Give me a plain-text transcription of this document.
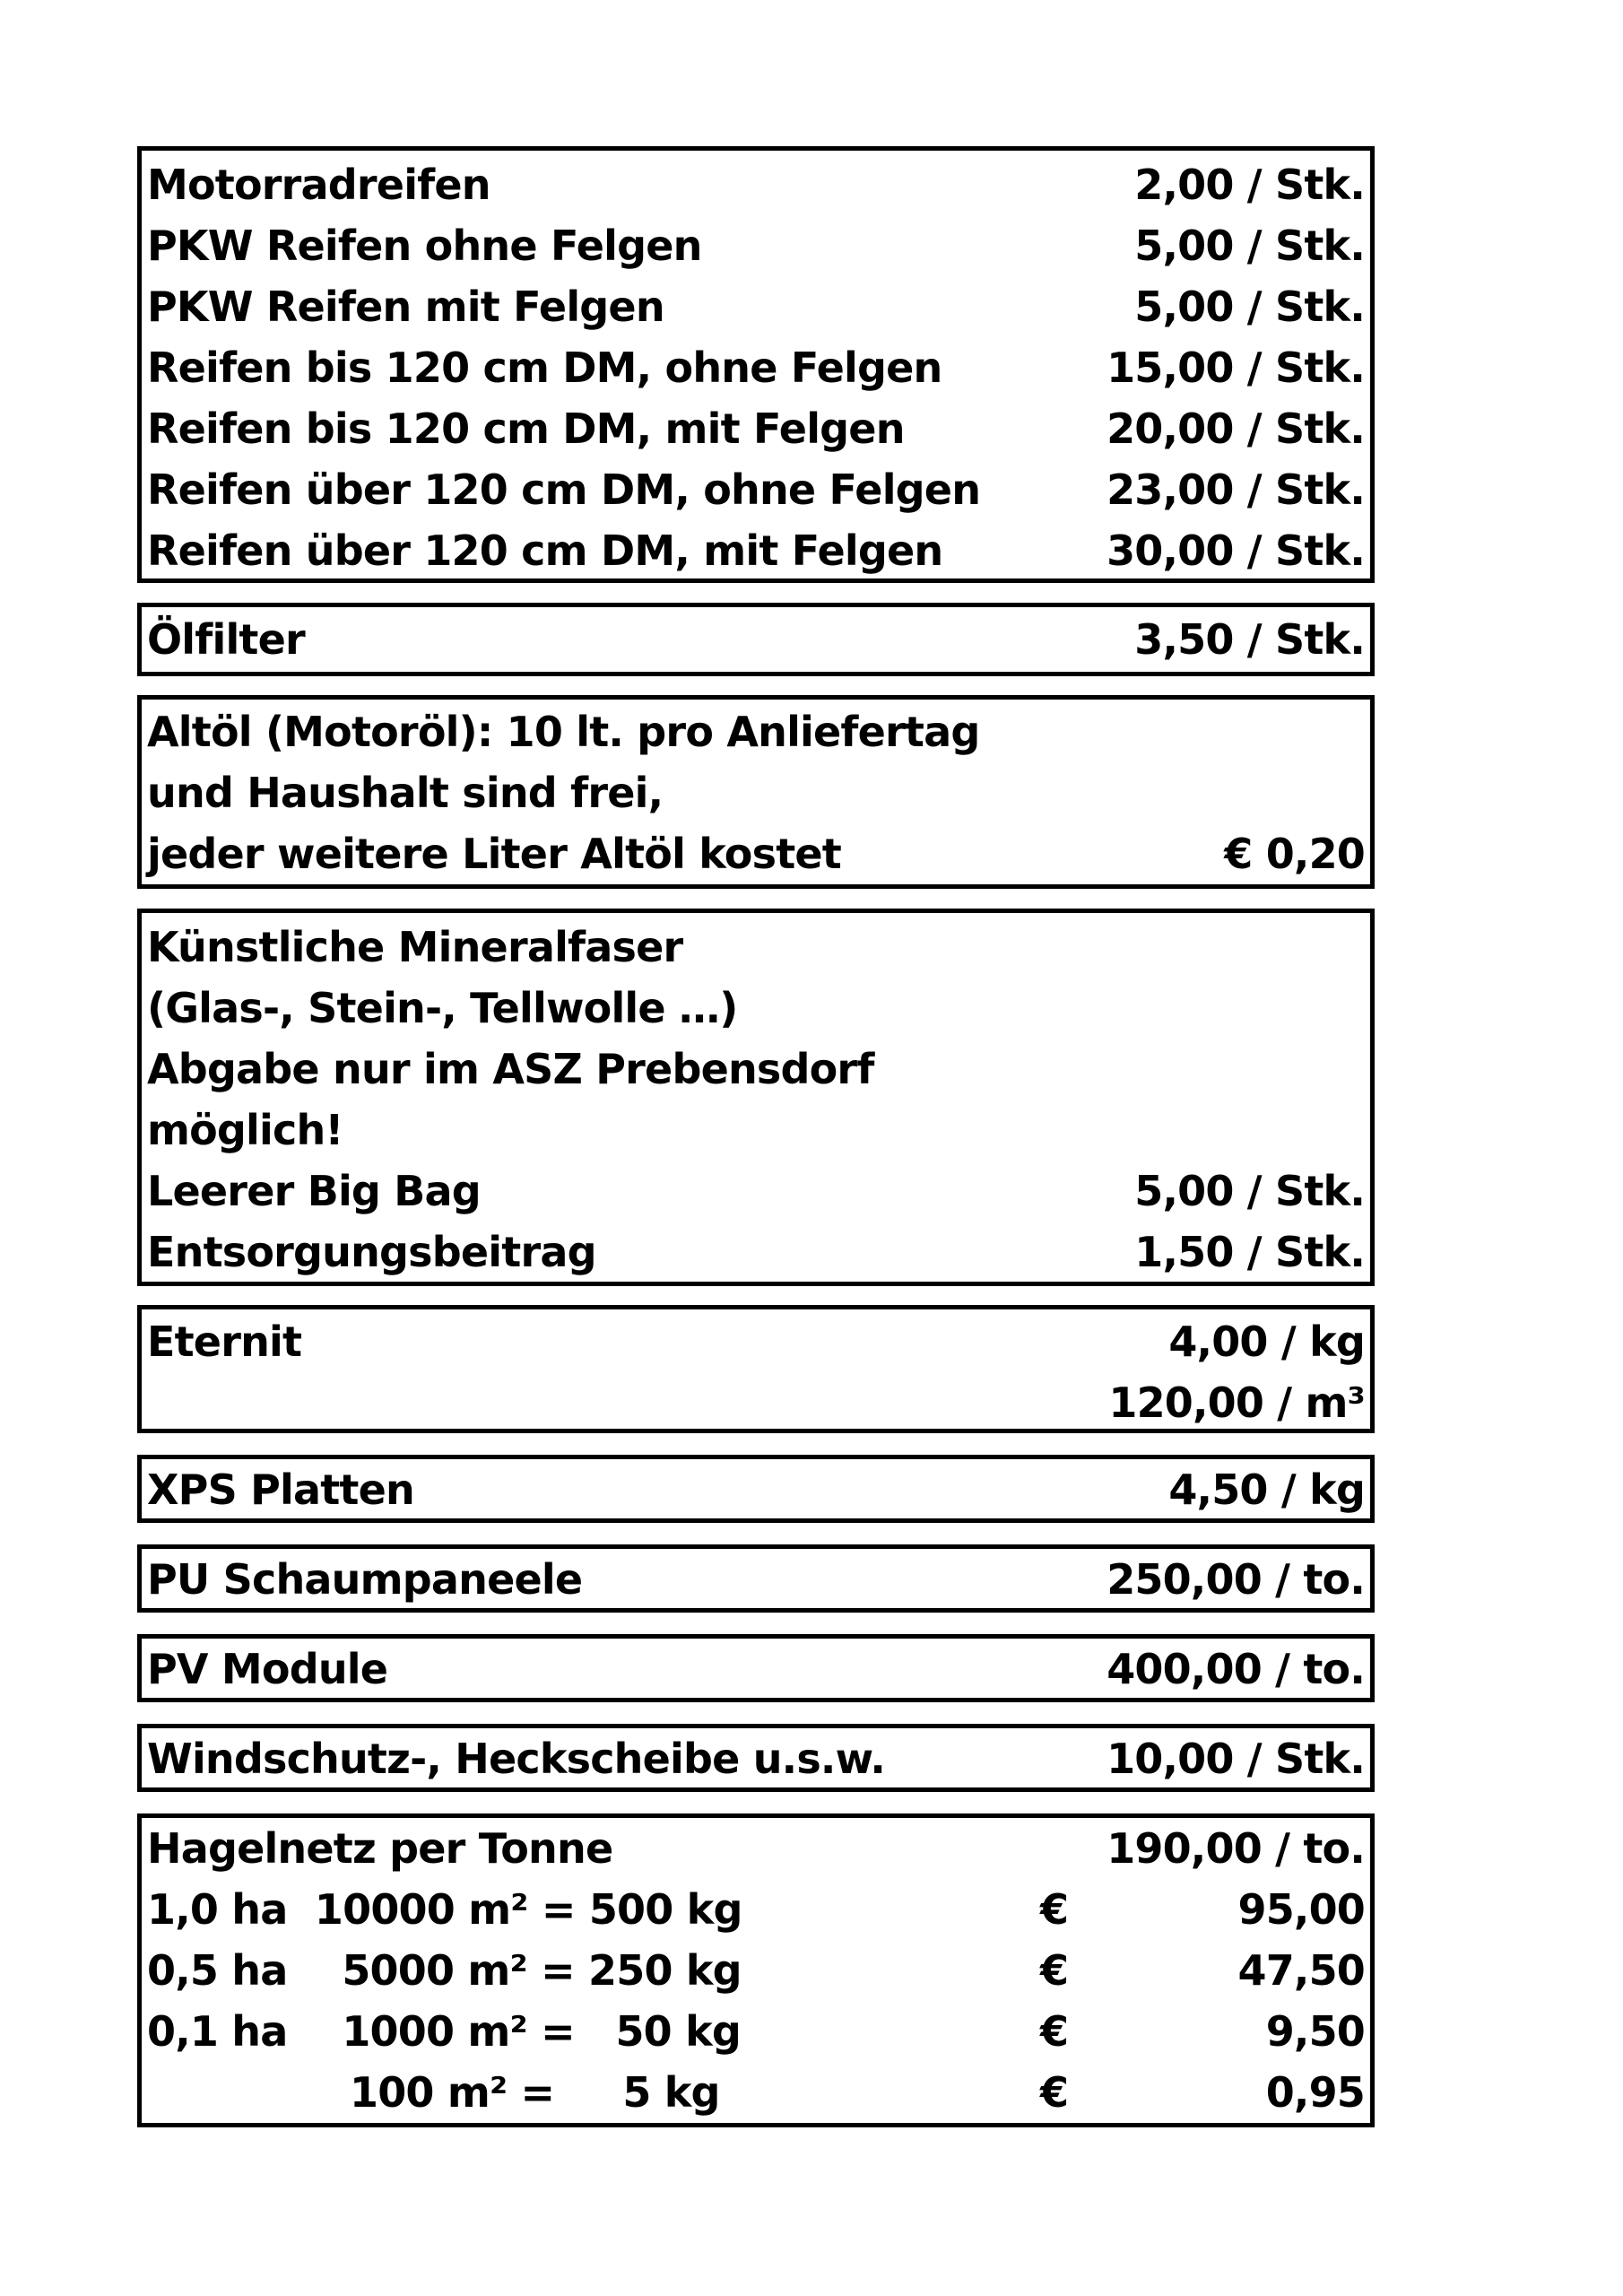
Motorradreifen	2,00 / Stk.
PKW Reifen ohne Felgen	5,00 / Stk.
PKW Reifen mit Felgen	5,00 / Stk.
Reifen bis 120 cm DM, ohne Felgen	15,00 / Stk.
Reifen bis 120 cm DM, mit Felgen	20,00 / Stk.
Reifen über 120 cm DM, ohne Felgen	23,00 / Stk.
Reifen über 120 cm DM, mit Felgen	30,00 / Stk.
Ölfilter	3,50 / Stk.
Altöl (Motoröl): 10 lt. pro Anliefertag
und Haushalt sind frei,
jeder weitere Liter Altöl kostet	€ 0,20
Künstliche Mineralfaser
(Glas-, Stein-, Tellwolle …)
Abgabe nur im ASZ Prebensdorf
möglich!
Leerer Big Bag	5,00 / Stk.
Entsorgungsbeitrag	1,50 / Stk.
Eternit	4,00 / kg
120,00 / m³
XPS Platten	4,50 / kg
PU Schaumpaneele	250,00 / to.
PV Module	400,00 / to.
Windschutz-, Heckscheibe u.s.w.	10,00 / Stk.
Hagelnetz per Tonne	190,00 / to.
1,0 ha  10000 m² = 500 kg	€	95,00
0,5 ha    5000 m² = 250 kg	€	47,50
0,1 ha    1000 m² =   50 kg	€	9,50
100 m² =     5 kg	€	0,95
